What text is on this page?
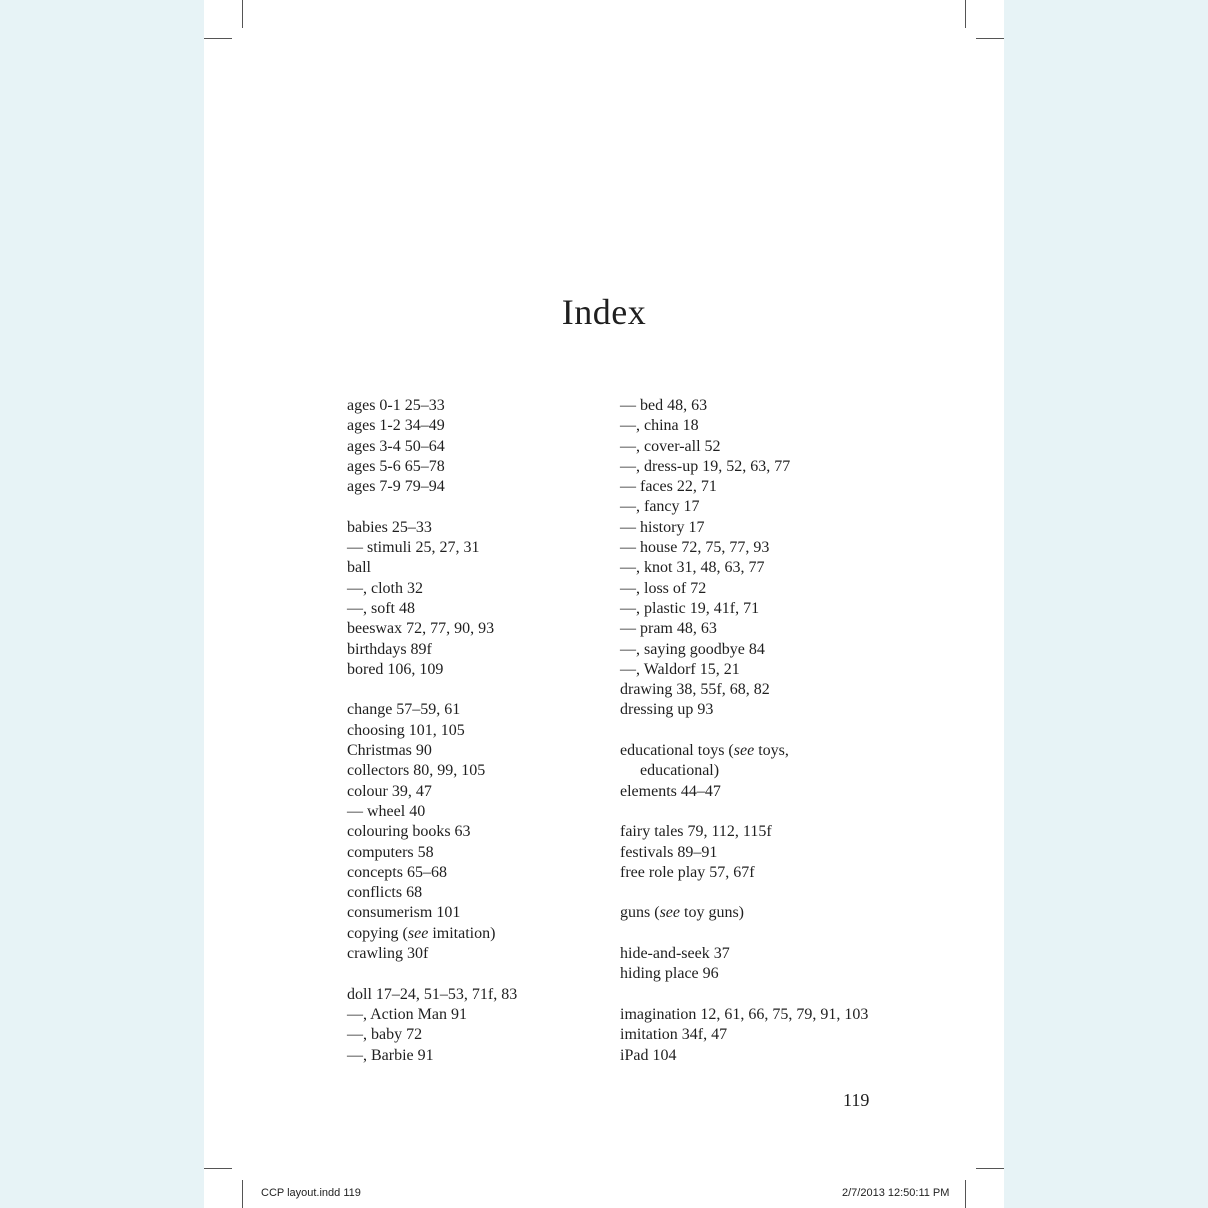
Index
ages 0-1 25–33
ages 1-2 34–49
ages 3-4 50–64
ages 5-6 65–78
ages 7-9 79–94
babies 25–33
— stimuli 25, 27, 31
ball
—, cloth 32
—, soft 48
beeswax 72, 77, 90, 93
birthdays 89f
bored 106, 109
change 57–59, 61
choosing 101, 105
Christmas 90
collectors 80, 99, 105
colour 39, 47
— wheel 40
colouring books 63
computers 58
concepts 65–68
conflicts 68
consumerism 101
copying (see imitation)
crawling 30f
doll 17–24, 51–53, 71f, 83
—, Action Man 91
—, baby 72
—, Barbie 91
— bed 48, 63
—, china 18
—, cover-all 52
—, dress-up 19, 52, 63, 77
— faces 22, 71
—, fancy 17
— history 17
— house 72, 75, 77, 93
—, knot 31, 48, 63, 77
—, loss of 72
—, plastic 19, 41f, 71
— pram 48, 63
—, saying goodbye 84
—, Waldorf 15, 21
drawing 38, 55f, 68, 82
dressing up 93
educational toys (see toys,
educational)
elements 44–47
fairy tales 79, 112, 115f
festivals 89–91
free role play 57, 67f
guns (see toy guns)
hide-and-seek 37
hiding place 96
imagination 12, 61, 66, 75, 79, 91, 103
imitation 34f, 47
iPad 104
119
CCP layout.indd 119	2/7/2013 12:50:11 PM
